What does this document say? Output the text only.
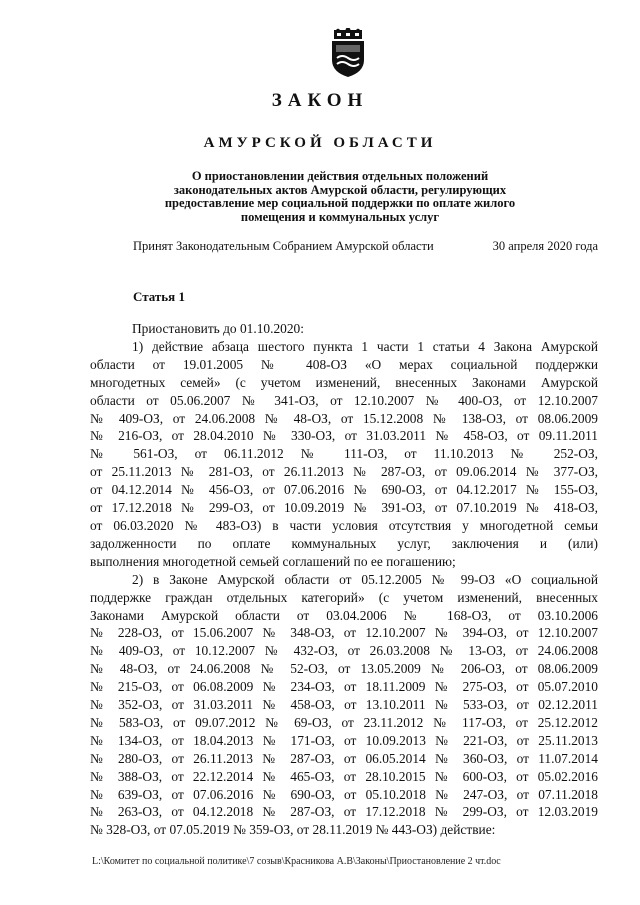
ЗАКОН
АМУРСКОЙ ОБЛАСТИ
О приостановлении действия отдельных положений
законодательных актов Амурской области, регулирующих
предоставление мер социальной поддержки по оплате жилого
помещения и коммунальных услуг
Принят Законодательным Собранием Амурской области	30 апреля 2020 года
Статья 1

Приостановить до 01.10.2020:

1) действие абзаца шестого пункта 1 части 1 статьи 4 Закона Амурской

области от 19.01.2005 № 408-ОЗ «О мерах социальной поддержки

многодетных семей» (с учетом изменений, внесенных Законами Амурской

области от 05.06.2007 № 341-ОЗ, от 12.10.2007 № 400-ОЗ, от 12.10.2007

№ 409-ОЗ, от 24.06.2008 № 48-ОЗ, от 15.12.2008 № 138-ОЗ, от 08.06.2009

№ 216-ОЗ, от 28.04.2010 № 330-ОЗ, от 31.03.2011 № 458-ОЗ, от 09.11.2011

№ 561-ОЗ, от 06.11.2012 № 111-ОЗ, от 11.10.2013 № 252-ОЗ,

от 25.11.2013 № 281-ОЗ, от 26.11.2013 № 287-ОЗ, от 09.06.2014 № 377-ОЗ,

от 04.12.2014 № 456-ОЗ, от 07.06.2016 № 690-ОЗ, от 04.12.2017 № 155-ОЗ,

от 17.12.2018 № 299-ОЗ, от 10.09.2019 № 391-ОЗ, от 07.10.2019 № 418-ОЗ,

от 06.03.2020 № 483-ОЗ) в части условия отсутствия у многодетной семьи

задолженности по оплате коммунальных услуг, заключения и (или)

выполнения многодетной семьей соглашений по ее погашению;

2) в Законе Амурской области от 05.12.2005 № 99-ОЗ «О социальной

поддержке граждан отдельных категорий» (с учетом изменений, внесенных

Законами Амурской области от 03.04.2006 № 168-ОЗ, от 03.10.2006

№ 228-ОЗ, от 15.06.2007 № 348-ОЗ, от 12.10.2007 № 394-ОЗ, от 12.10.2007

№ 409-ОЗ, от 10.12.2007 № 432-ОЗ, от 26.03.2008 № 13-ОЗ, от 24.06.2008

№ 48-ОЗ, от 24.06.2008 № 52-ОЗ, от 13.05.2009 № 206-ОЗ, от 08.06.2009

№ 215-ОЗ, от 06.08.2009 № 234-ОЗ, от 18.11.2009 № 275-ОЗ, от 05.07.2010

№ 352-ОЗ, от 31.03.2011 № 458-ОЗ, от 13.10.2011 № 533-ОЗ, от 02.12.2011

№ 583-ОЗ, от 09.07.2012 № 69-ОЗ, от 23.11.2012 № 117-ОЗ, от 25.12.2012

№ 134-ОЗ, от 18.04.2013 № 171-ОЗ, от 10.09.2013 № 221-ОЗ, от 25.11.2013

№ 280-ОЗ, от 26.11.2013 № 287-ОЗ, от 06.05.2014 № 360-ОЗ, от 11.07.2014

№ 388-ОЗ, от 22.12.2014 № 465-ОЗ, от 28.10.2015 № 600-ОЗ, от 05.02.2016

№ 639-ОЗ, от 07.06.2016 № 690-ОЗ, от 05.10.2018 № 247-ОЗ, от 07.11.2018

№ 263-ОЗ, от 04.12.2018 № 287-ОЗ, от 17.12.2018 № 299-ОЗ, от 12.03.2019

№ 328-ОЗ, от 07.05.2019 № 359-ОЗ, от 28.11.2019 № 443-ОЗ) действие:

L:\Комитет по социальной политике\7 созыв\Красникова А.В\Законы\Приостановление 2 чт.doc
